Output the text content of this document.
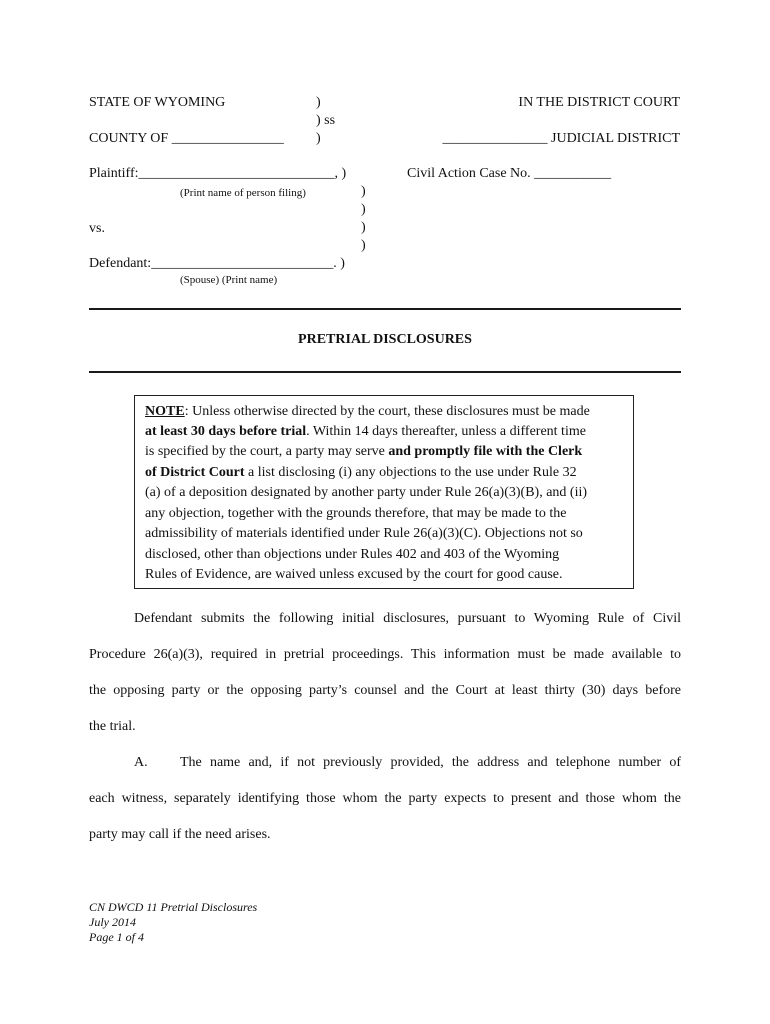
STATE OF WYOMING	)
) ss
COUNTY OF ________________ )
IN THE DISTRICT COURT
_______________ JUDICIAL DISTRICT
Plaintiff:____________________________, )
(Print name of person filing)
Civil Action Case No. ___________
)
)
)
)
vs.
Defendant:__________________________. )
(Spouse) (Print name)
PRETRIAL DISCLOSURES
NOTE: Unless otherwise directed by the court, these disclosures must be made
at least 30 days before trial. Within 14 days thereafter, unless a different time
is specified by the court, a party may serve and promptly file with the Clerk
of District Court a list disclosing (i) any objections to the use under Rule 32
(a) of a deposition designated by another party under Rule 26(a)(3)(B), and (ii)
any objection, together with the grounds therefore, that may be made to the
admissibility of materials identified under Rule 26(a)(3)(C). Objections not so
disclosed, other than objections under Rules 402 and 403 of the Wyoming
Rules of Evidence, are waived unless excused by the court for good cause.
Defendant submits the following initial disclosures, pursuant to Wyoming Rule of Civil
Procedure 26(a)(3), required in pretrial proceedings. This information must be made available to
the opposing party or the opposing party’s counsel and the Court at least thirty (30) days before
the trial.
A. The name and, if not previously provided, the address and telephone number of
each witness, separately identifying those whom the party expects to present and those whom the
party may call if the need arises.
CN DWCD 11 Pretrial Disclosures
July 2014
Page 1 of 4
